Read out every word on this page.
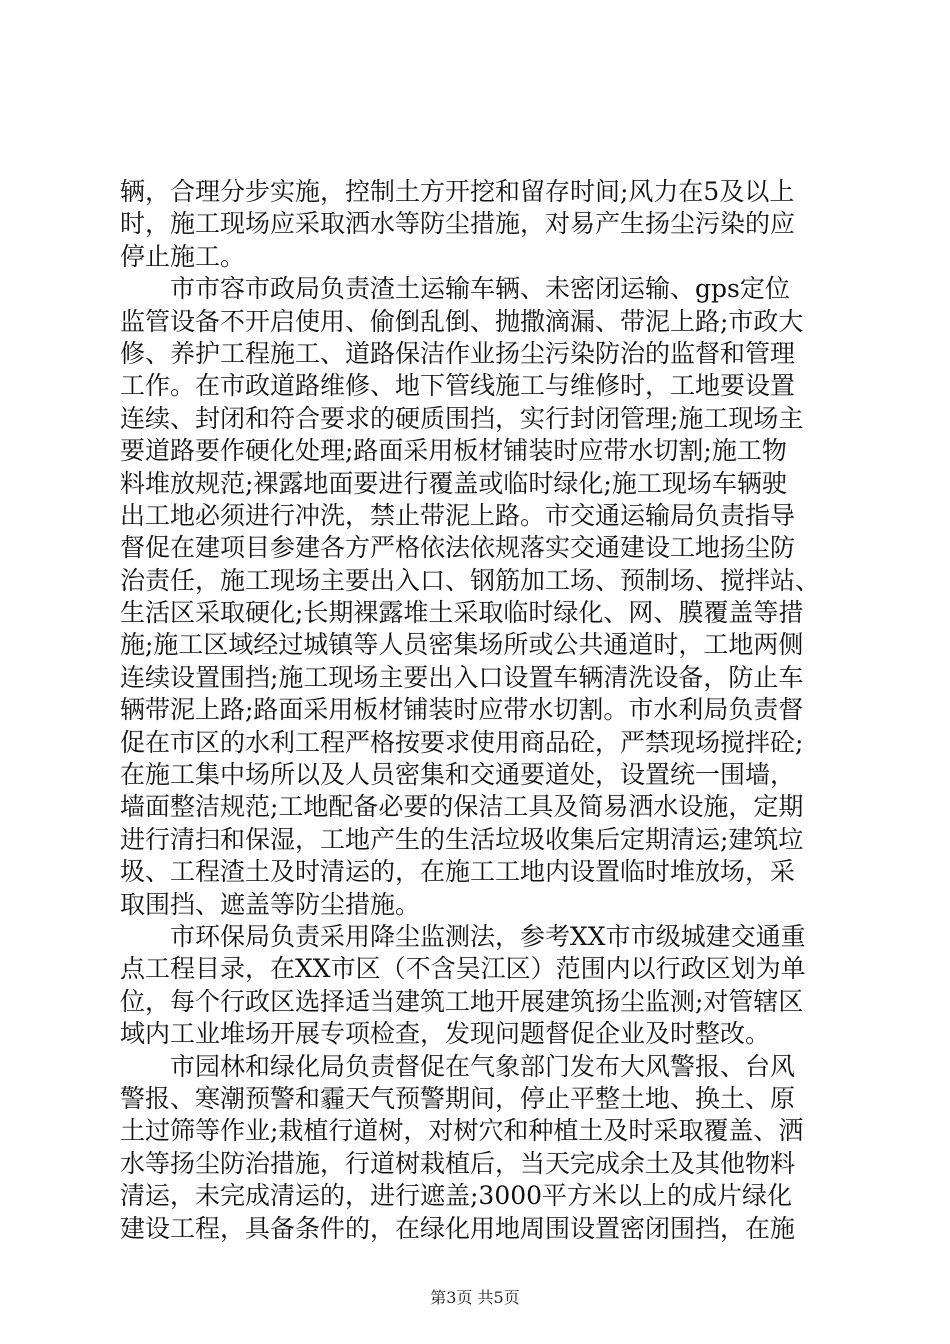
辆，合理分步实施，控制土方开挖和留存时间;风力在5及以上
时，施工现场应采取洒水等防尘措施，对易产生扬尘污染的应
停止施工。
　　市市容市政局负责渣土运输车辆、未密闭运输、gps定位
监管设备不开启使用、偷倒乱倒、抛撒滴漏、带泥上路;市政大
修、养护工程施工、道路保洁作业扬尘污染防治的监督和管理
工作。在市政道路维修、地下管线施工与维修时，工地要设置
连续、封闭和符合要求的硬质围挡，实行封闭管理;施工现场主
要道路要作硬化处理;路面采用板材铺装时应带水切割;施工物
料堆放规范;裸露地面要进行覆盖或临时绿化;施工现场车辆驶
出工地必须进行冲洗，禁止带泥上路。市交通运输局负责指导
督促在建项目参建各方严格依法依规落实交通建设工地扬尘防
治责任，施工现场主要出入口、钢筋加工场、预制场、搅拌站、
生活区采取硬化;长期裸露堆土采取临时绿化、网、膜覆盖等措
施;施工区域经过城镇等人员密集场所或公共通道时，工地两侧
连续设置围挡;施工现场主要出入口设置车辆清洗设备，防止车
辆带泥上路;路面采用板材铺装时应带水切割。市水利局负责督
促在市区的水利工程严格按要求使用商品砼，严禁现场搅拌砼;
在施工集中场所以及人员密集和交通要道处，设置统一围墙，
墙面整洁规范;工地配备必要的保洁工具及简易洒水设施，定期
进行清扫和保湿，工地产生的生活垃圾收集后定期清运;建筑垃
圾、工程渣土及时清运的，在施工工地内设置临时堆放场，采
取围挡、遮盖等防尘措施。
　　市环保局负责采用降尘监测法，参考XX市市级城建交通重
点工程目录，在XX市区（不含吴江区）范围内以行政区划为单
位，每个行政区选择适当建筑工地开展建筑扬尘监测;对管辖区
域内工业堆场开展专项检查，发现问题督促企业及时整改。
　　市园林和绿化局负责督促在气象部门发布大风警报、台风
警报、寒潮预警和霾天气预警期间，停止平整土地、换土、原
土过筛等作业;栽植行道树，对树穴和种植土及时采取覆盖、洒
水等扬尘防治措施，行道树栽植后，当天完成余土及其他物料
清运，未完成清运的，进行遮盖;3000平方米以上的成片绿化
建设工程，具备条件的，在绿化用地周围设置密闭围挡，在施
第3页 共5页
